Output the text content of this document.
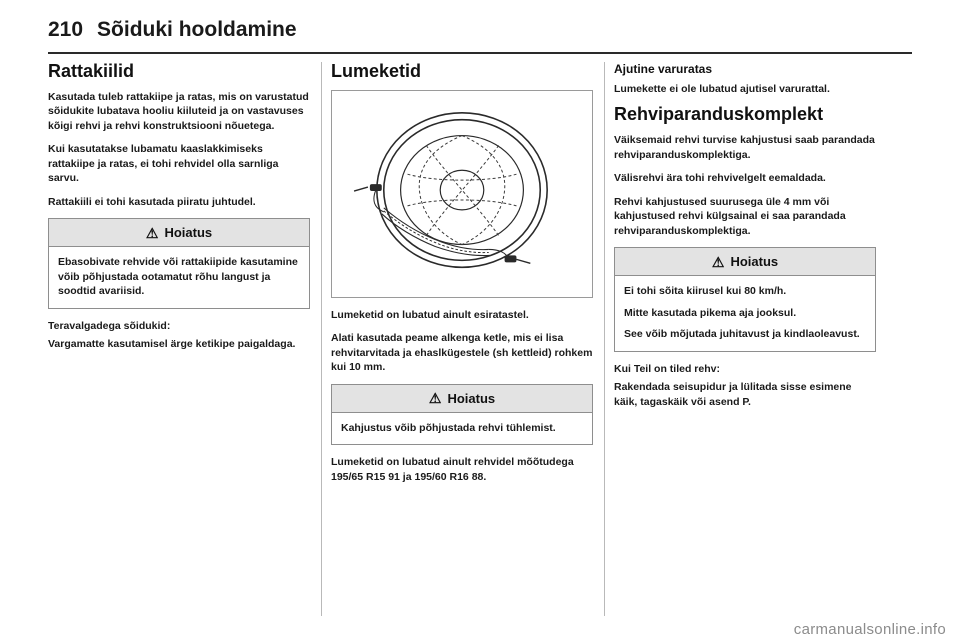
210 Sõiduki hooldamine
Rattakiilid

Kasutada tuleb rattakiipe ja ratas, mis on varustatud sõidukite lubatava hooliu kiiluteid ja on vastavuses kõigi rehvi ja rehvi konstruktsiooni nõuetega.

Kui kasutatakse lubamatu kaaslakkimiseks rattakiipe ja ratas, ei tohi rehvidel olla sarnliga sarvu.

Rattakiili ei tohi kasutada piiratu juhtudel.

⚠ Hoiatus

Ebasobivate rehvide või rattakiipide kasutamine võib põhjustada ootamatut rõhu langust ja soodtid avariisid.

Teravalgadega sõidukid:

Vargamatte kasutamisel ärge ketikipe paigaldaga.

Lumeketid

Lumeketid on lubatud ainult esiratastel.

Alati kasutada peame alkenga ketle, mis ei lisa rehvitarvitada ja ehaslkügestele (sh kettleid) rohkem kui 10 mm.

⚠ Hoiatus

Kahjustus võib põhjustada rehvi tühlemist.

Lumeketid on lubatud ainult rehvidel mõõtudega 195/65 R15 91 ja 195/60 R16 88.

Ajutine varuratas

Lumekette ei ole lubatud ajutisel varurattal.

Rehviparanduskomplekt

Väiksemaid rehvi turvise kahjustusi saab parandada rehviparanduskomplektiga.

Välisrehvi ära tohi rehvivelgelt eemaldada.

Rehvi kahjustused suurusega üle 4 mm või kahjustused rehvi külgsainal ei saa parandada rehviparanduskomplektiga.

⚠ Hoiatus

Ei tohi sõita kiirusel kui 80 km/h.

Mitte kasutada pikema aja jooksul.

See võib mõjutada juhitavust ja kindlaoleavust.

Kui Teil on tiled rehv:

Rakendada seisupidur ja lülitada sisse esimene käik, tagaskäik või asend P.

carmanualsonline.info
